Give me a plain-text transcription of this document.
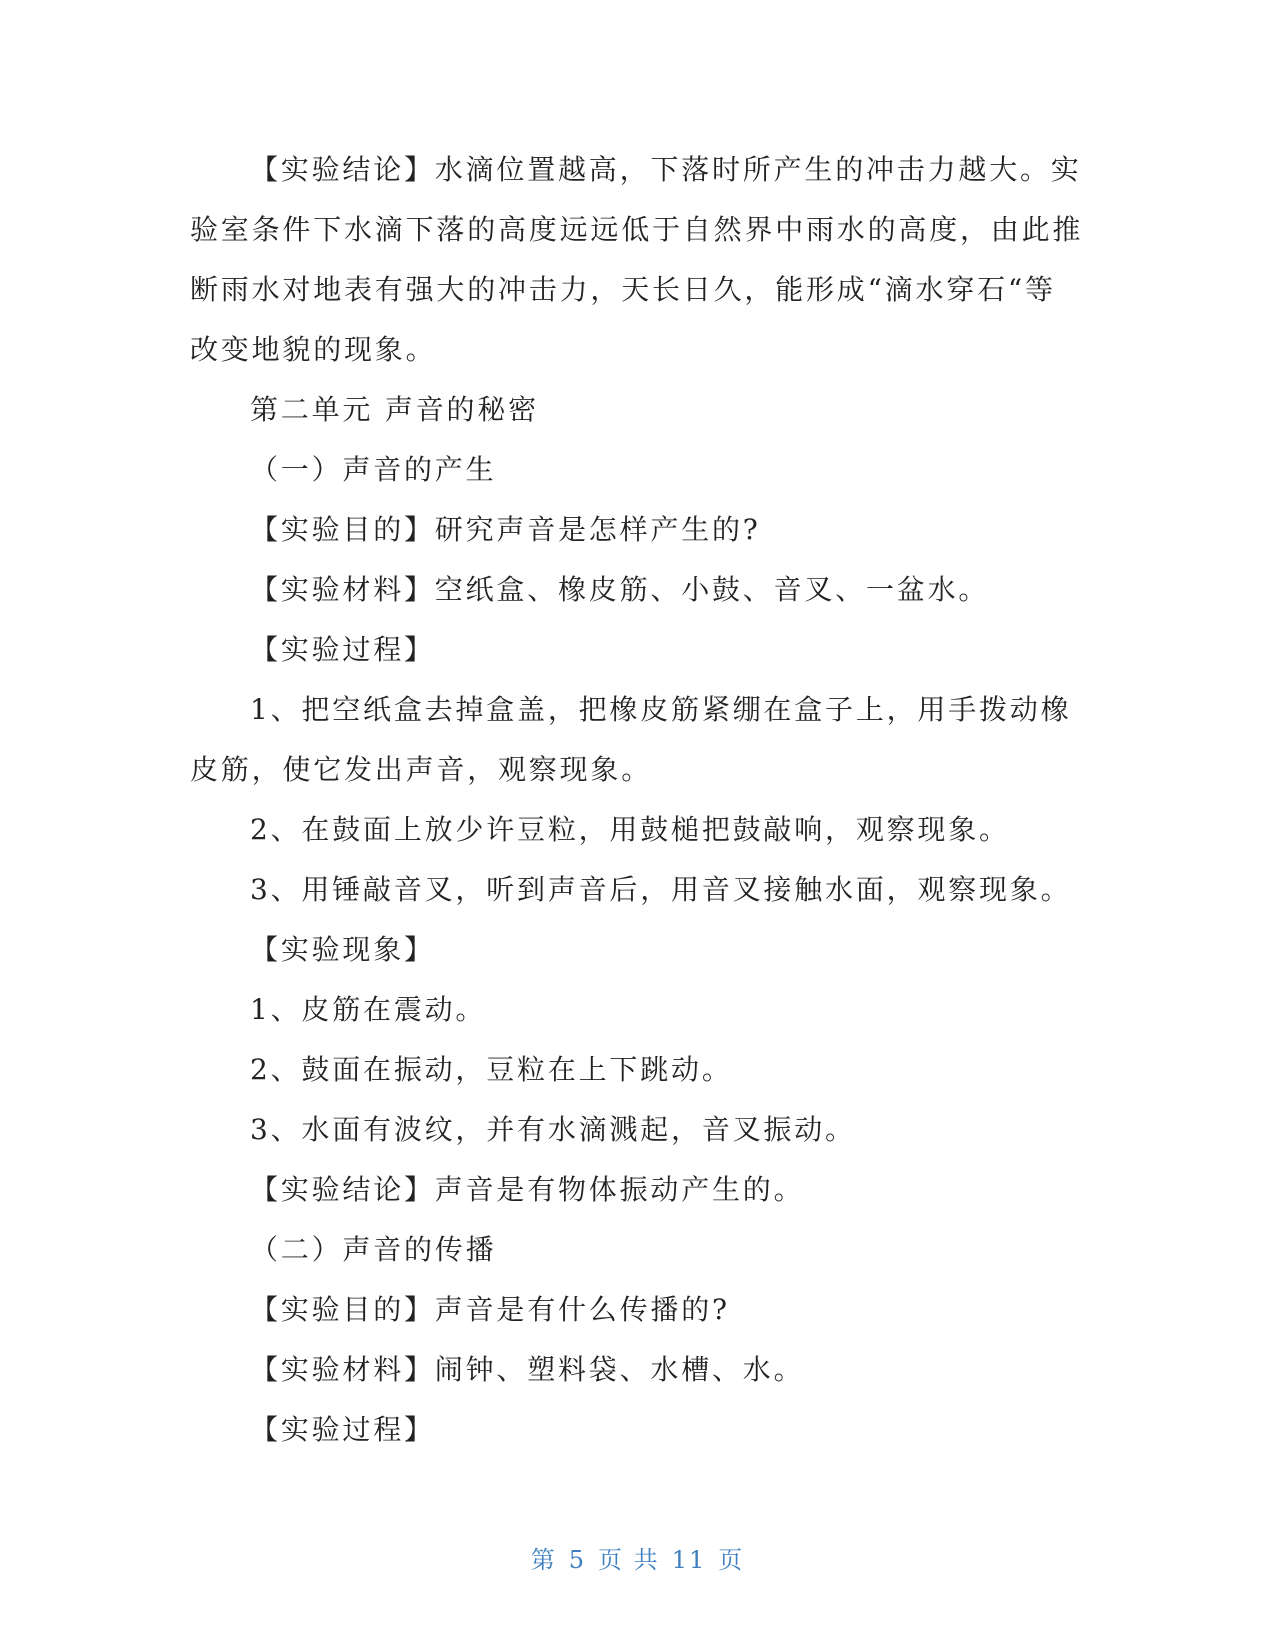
【实验结论】水滴位置越高，下落时所产生的冲击力越大。实验室条件下水滴下落的高度远远低于自然界中雨水的高度，由此推断雨水对地表有强大的冲击力，天长日久，能形成“滴水穿石“等改变地貌的现象。

第二单元 声音的秘密

（一）声音的产生

【实验目的】研究声音是怎样产生的?

【实验材料】空纸盒、橡皮筋、小鼓、音叉、一盆水。

【实验过程】

1、把空纸盒去掉盒盖，把橡皮筋紧绷在盒子上，用手拨动橡皮筋，使它发出声音，观察现象。

2、在鼓面上放少许豆粒，用鼓槌把鼓敲响，观察现象。

3、用锤敲音叉，听到声音后，用音叉接触水面，观察现象。

【实验现象】

1、皮筋在震动。

2、鼓面在振动，豆粒在上下跳动。

3、水面有波纹，并有水滴溅起，音叉振动。

【实验结论】声音是有物体振动产生的。

（二）声音的传播

【实验目的】声音是有什么传播的?

【实验材料】闹钟、塑料袋、水槽、水。

【实验过程】

第 5 页 共 11 页
